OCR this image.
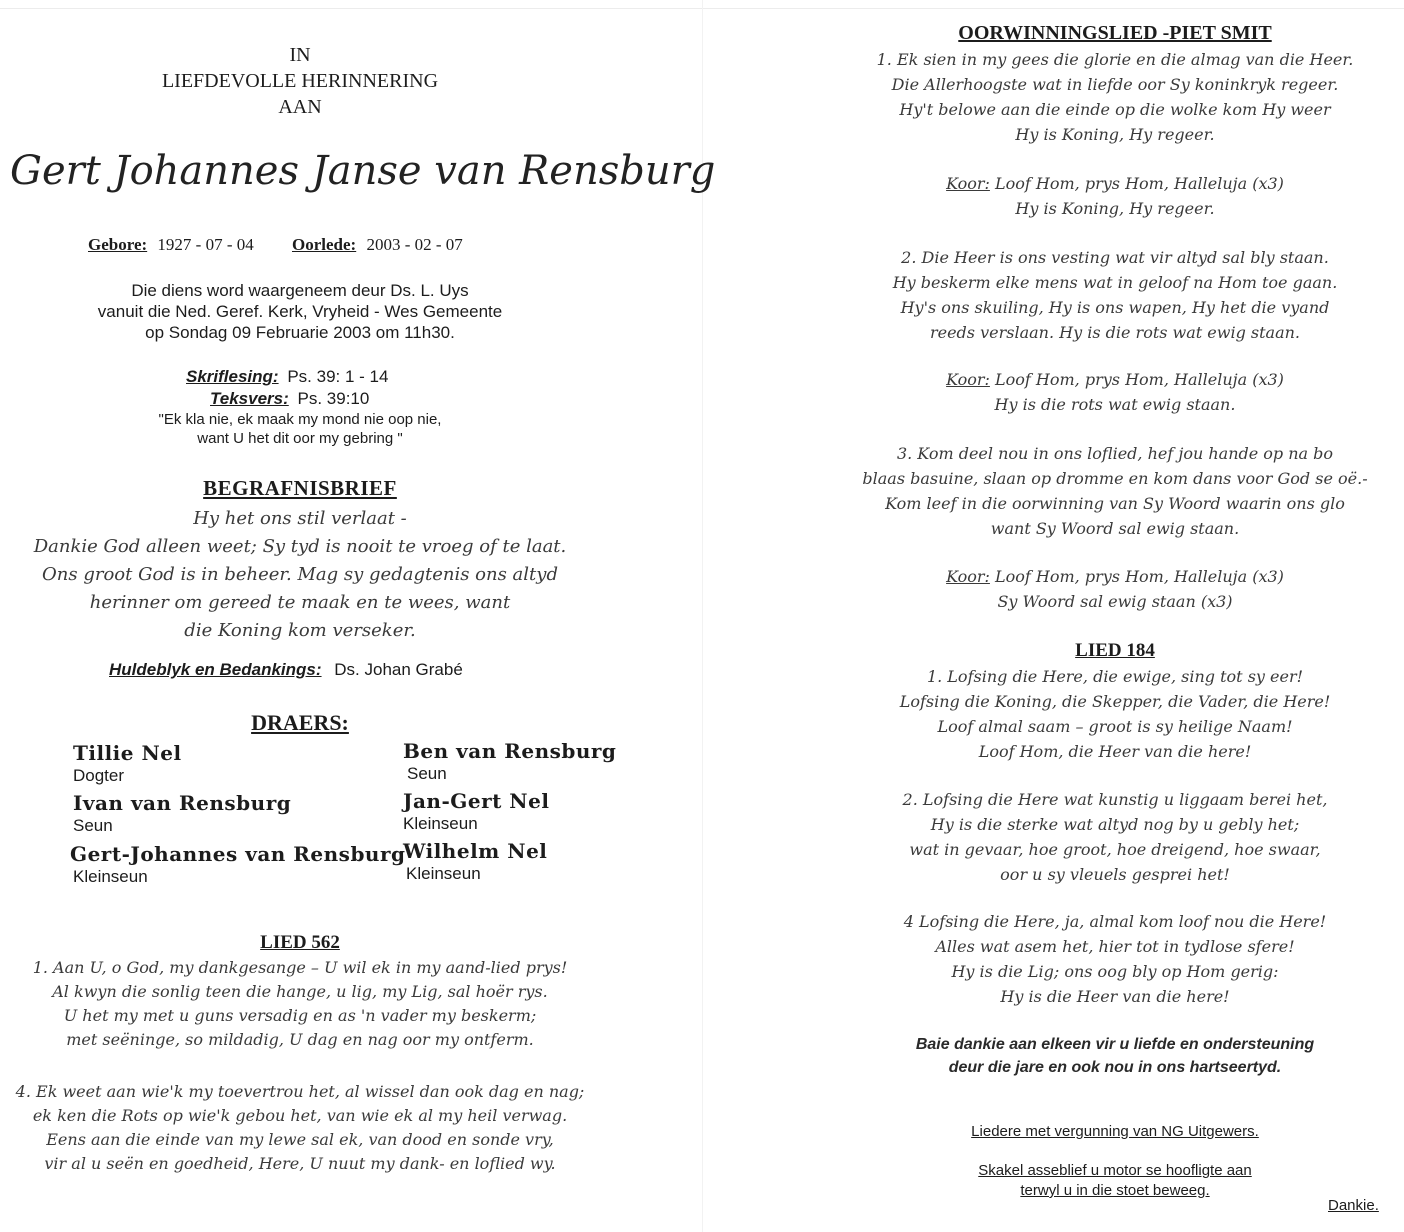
IN
LIEFDEVOLLE HERINNERING
AAN
Gert Johannes Janse van Rensburg
Gebore: 1927 - 07 - 04 Oorlede: 2003 - 02 - 07
Die diens word waargeneem deur Ds. L. Uys
vanuit die Ned. Geref. Kerk, Vryheid - Wes Gemeente
op Sondag 09 Februarie 2003 om 11h30.
Skriflesing: Ps. 39: 1 - 14
Teksvers: Ps. 39:10
"Ek kla nie, ek maak my mond nie oop nie,
want U het dit oor my gebring "
BEGRAFNISBRIEF
Hy het ons stil verlaat -
Dankie God alleen weet; Sy tyd is nooit te vroeg of te laat.
Ons groot God is in beheer. Mag sy gedagtenis ons altyd
herinner om gereed te maak en te wees, want
die Koning kom verseker.
Huldeblyk en Bedankings: Ds. Johan Grabé
DRAERS:
Tillie Nel
Dogter
Ben van Rensburg
Seun
Ivan van Rensburg
Seun
Jan-Gert Nel
Kleinseun
Gert-Johannes van Rensburg
Kleinseun
Wilhelm Nel
Kleinseun
LIED 562
1. Aan U, o God, my dankgesange – U wil ek in my aand-lied prys!
Al kwyn die sonlig teen die hange, u lig, my Lig, sal hoër rys.
U het my met u guns versadig en as 'n vader my beskerm;
met seëninge, so mildadig, U dag en nag oor my ontferm.
4. Ek weet aan wie'k my toevertrou het, al wissel dan ook dag en nag;
ek ken die Rots op wie'k gebou het, van wie ek al my heil verwag.
Eens aan die einde van my lewe sal ek, van dood en sonde vry,
vir al u seën en goedheid, Here, U nuut my dank- en loflied wy.
OORWINNINGSLIED -PIET SMIT
1. Ek sien in my gees die glorie en die almag van die Heer.
Die Allerhoogste wat in liefde oor Sy koninkryk regeer.
Hy't belowe aan die einde op die wolke kom Hy weer
Hy is Koning, Hy regeer.
Koor: Loof Hom, prys Hom, Halleluja (x3)
Hy is Koning, Hy regeer.
2. Die Heer is ons vesting wat vir altyd sal bly staan.
Hy beskerm elke mens wat in geloof na Hom toe gaan.
Hy's ons skuiling, Hy is ons wapen, Hy het die vyand
reeds verslaan. Hy is die rots wat ewig staan.
Koor: Loof Hom, prys Hom, Halleluja (x3)
Hy is die rots wat ewig staan.
3. Kom deel nou in ons loflied, hef jou hande op na bo
blaas basuine, slaan op dromme en kom dans voor God se oë.-
Kom leef in die oorwinning van Sy Woord waarin ons glo
want Sy Woord sal ewig staan.
Koor: Loof Hom, prys Hom, Halleluja (x3)
Sy Woord sal ewig staan (x3)
LIED 184
1. Lofsing die Here, die ewige, sing tot sy eer!
Lofsing die Koning, die Skepper, die Vader, die Here!
Loof almal saam – groot is sy heilige Naam!
Loof Hom, die Heer van die here!
2. Lofsing die Here wat kunstig u liggaam berei het,
Hy is die sterke wat altyd nog by u gebly het;
wat in gevaar, hoe groot, hoe dreigend, hoe swaar,
oor u sy vleuels gesprei het!
4 Lofsing die Here, ja, almal kom loof nou die Here!
Alles wat asem het, hier tot in tydlose sfere!
Hy is die Lig; ons oog bly op Hom gerig:
Hy is die Heer van die here!
Baie dankie aan elkeen vir u liefde en ondersteuning
deur die jare en ook nou in ons hartseertyd.
Liedere met vergunning van NG Uitgewers.
Skakel asseblief u motor se hoofligte aan
terwyl u in die stoet beweeg.
Dankie.
